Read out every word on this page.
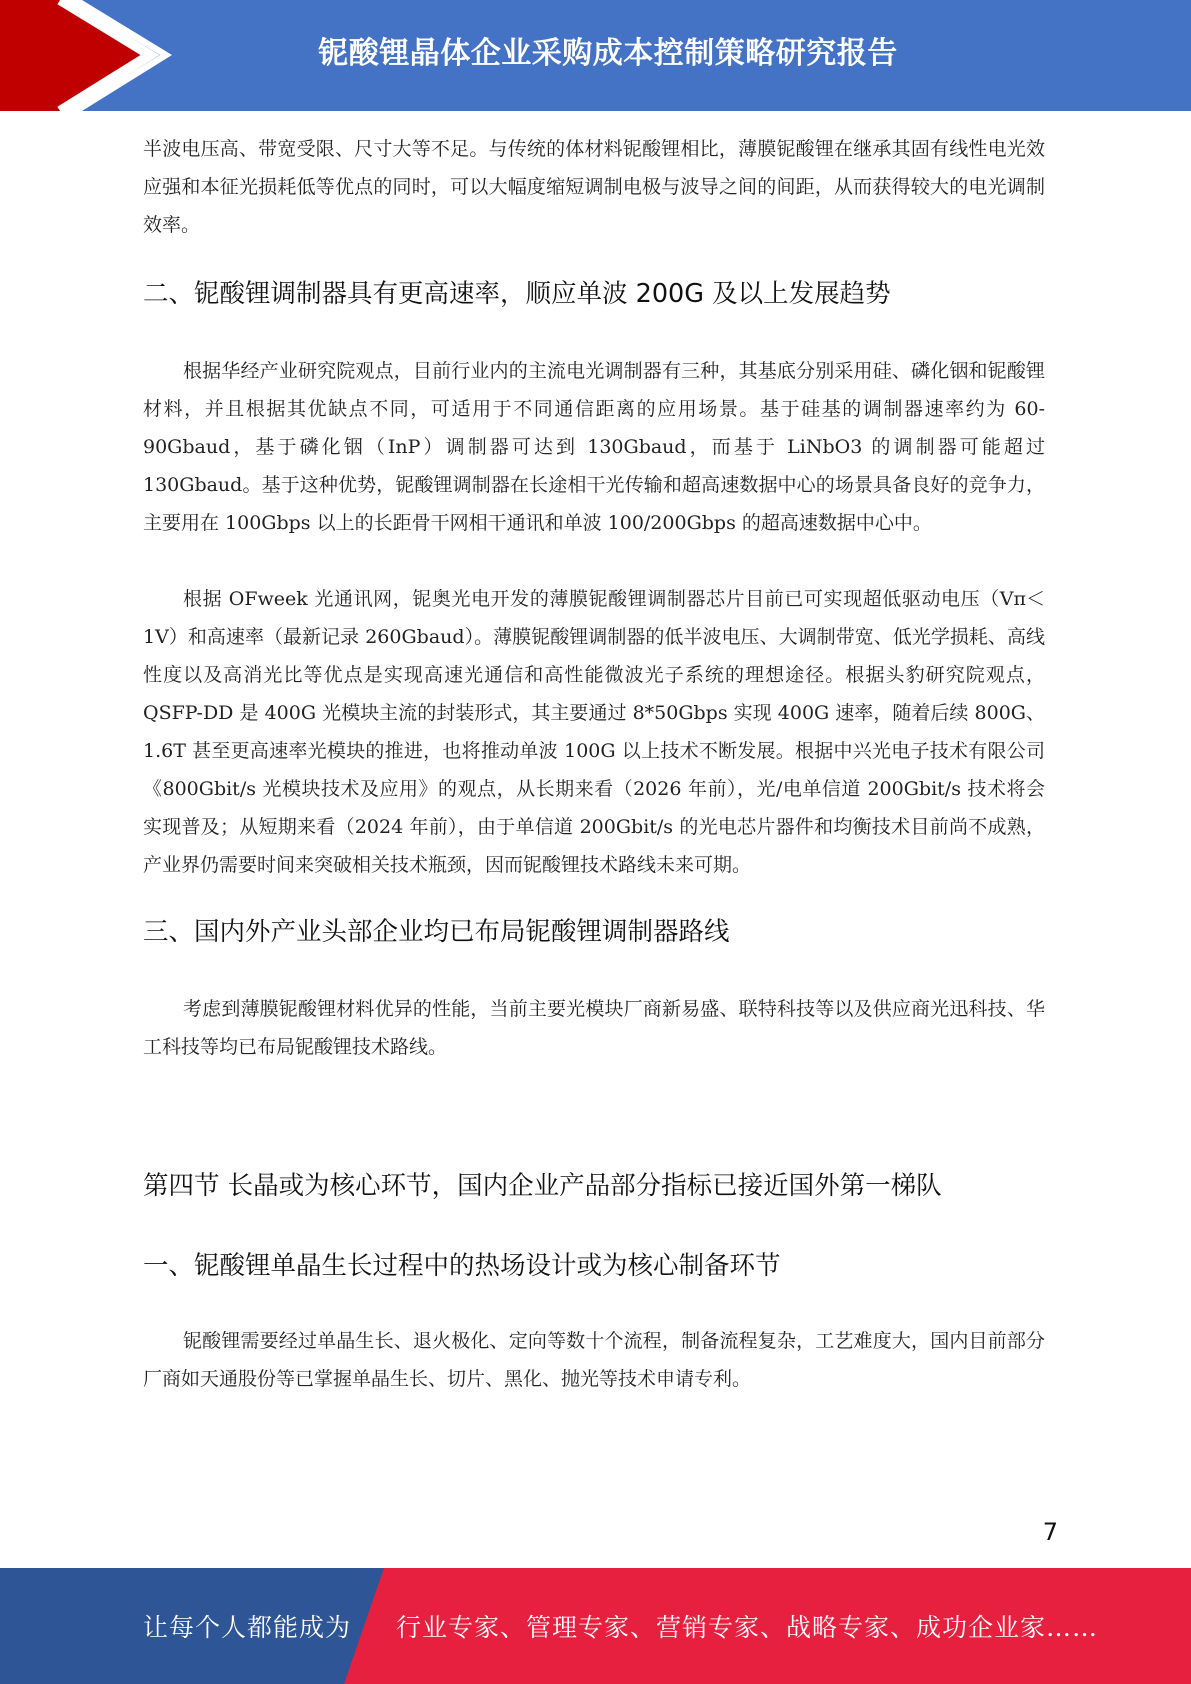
铌酸锂晶体企业采购成本控制策略研究报告

半波电压高、带宽受限、尺寸大等不足。与传统的体材料铌酸锂相比，薄膜铌酸锂在继承其固有线性电光效应强和本征光损耗低等优点的同时，可以大幅度缩短调制电极与波导之间的间距，从而获得较大的电光调制效率。

二、铌酸锂调制器具有更高速率，顺应单波 200G 及以上发展趋势

根据华经产业研究院观点，目前行业内的主流电光调制器有三种，其基底分别采用硅、磷化铟和铌酸锂材料，并且根据其优缺点不同，可适用于不同通信距离的应用场景。基于硅基的调制器速率约为 60-90Gbaud，基于磷化铟（InP）调制器可达到 130Gbaud，而基于 LiNbO3 的调制器可能超过 130Gbaud。基于这种优势，铌酸锂调制器在长途相干光传输和超高速数据中心的场景具备良好的竞争力，主要用在 100Gbps 以上的长距骨干网相干通讯和单波 100/200Gbps 的超高速数据中心中。

根据 OFweek 光通讯网，铌奥光电开发的薄膜铌酸锂调制器芯片目前已可实现超低驱动电压（Vπ＜1V）和高速率（最新记录 260Gbaud）。薄膜铌酸锂调制器的低半波电压、大调制带宽、低光学损耗、高线性度以及高消光比等优点是实现高速光通信和高性能微波光子系统的理想途径。根据头豹研究院观点，QSFP-DD 是 400G 光模块主流的封装形式，其主要通过 8*50Gbps 实现 400G 速率，随着后续 800G、1.6T 甚至更高速率光模块的推进，也将推动单波 100G 以上技术不断发展。根据中兴光电子技术有限公司《800Gbit/s 光模块技术及应用》的观点，从长期来看（2026 年前），光/电单信道 200Gbit/s 技术将会实现普及；从短期来看（2024 年前），由于单信道 200Gbit/s 的光电芯片器件和均衡技术目前尚不成熟，产业界仍需要时间来突破相关技术瓶颈，因而铌酸锂技术路线未来可期。

三、国内外产业头部企业均已布局铌酸锂调制器路线

考虑到薄膜铌酸锂材料优异的性能，当前主要光模块厂商新易盛、联特科技等以及供应商光迅科技、华工科技等均已布局铌酸锂技术路线。

第四节 长晶或为核心环节，国内企业产品部分指标已接近国外第一梯队
一、铌酸锂单晶生长过程中的热场设计或为核心制备环节

铌酸锂需要经过单晶生长、退火极化、定向等数十个流程，制备流程复杂，工艺难度大，国内目前部分厂商如天通股份等已掌握单晶生长、切片、黑化、抛光等技术申请专利。

7
让每个人都能成为 行业专家、管理专家、营销专家、战略专家、成功企业家……
